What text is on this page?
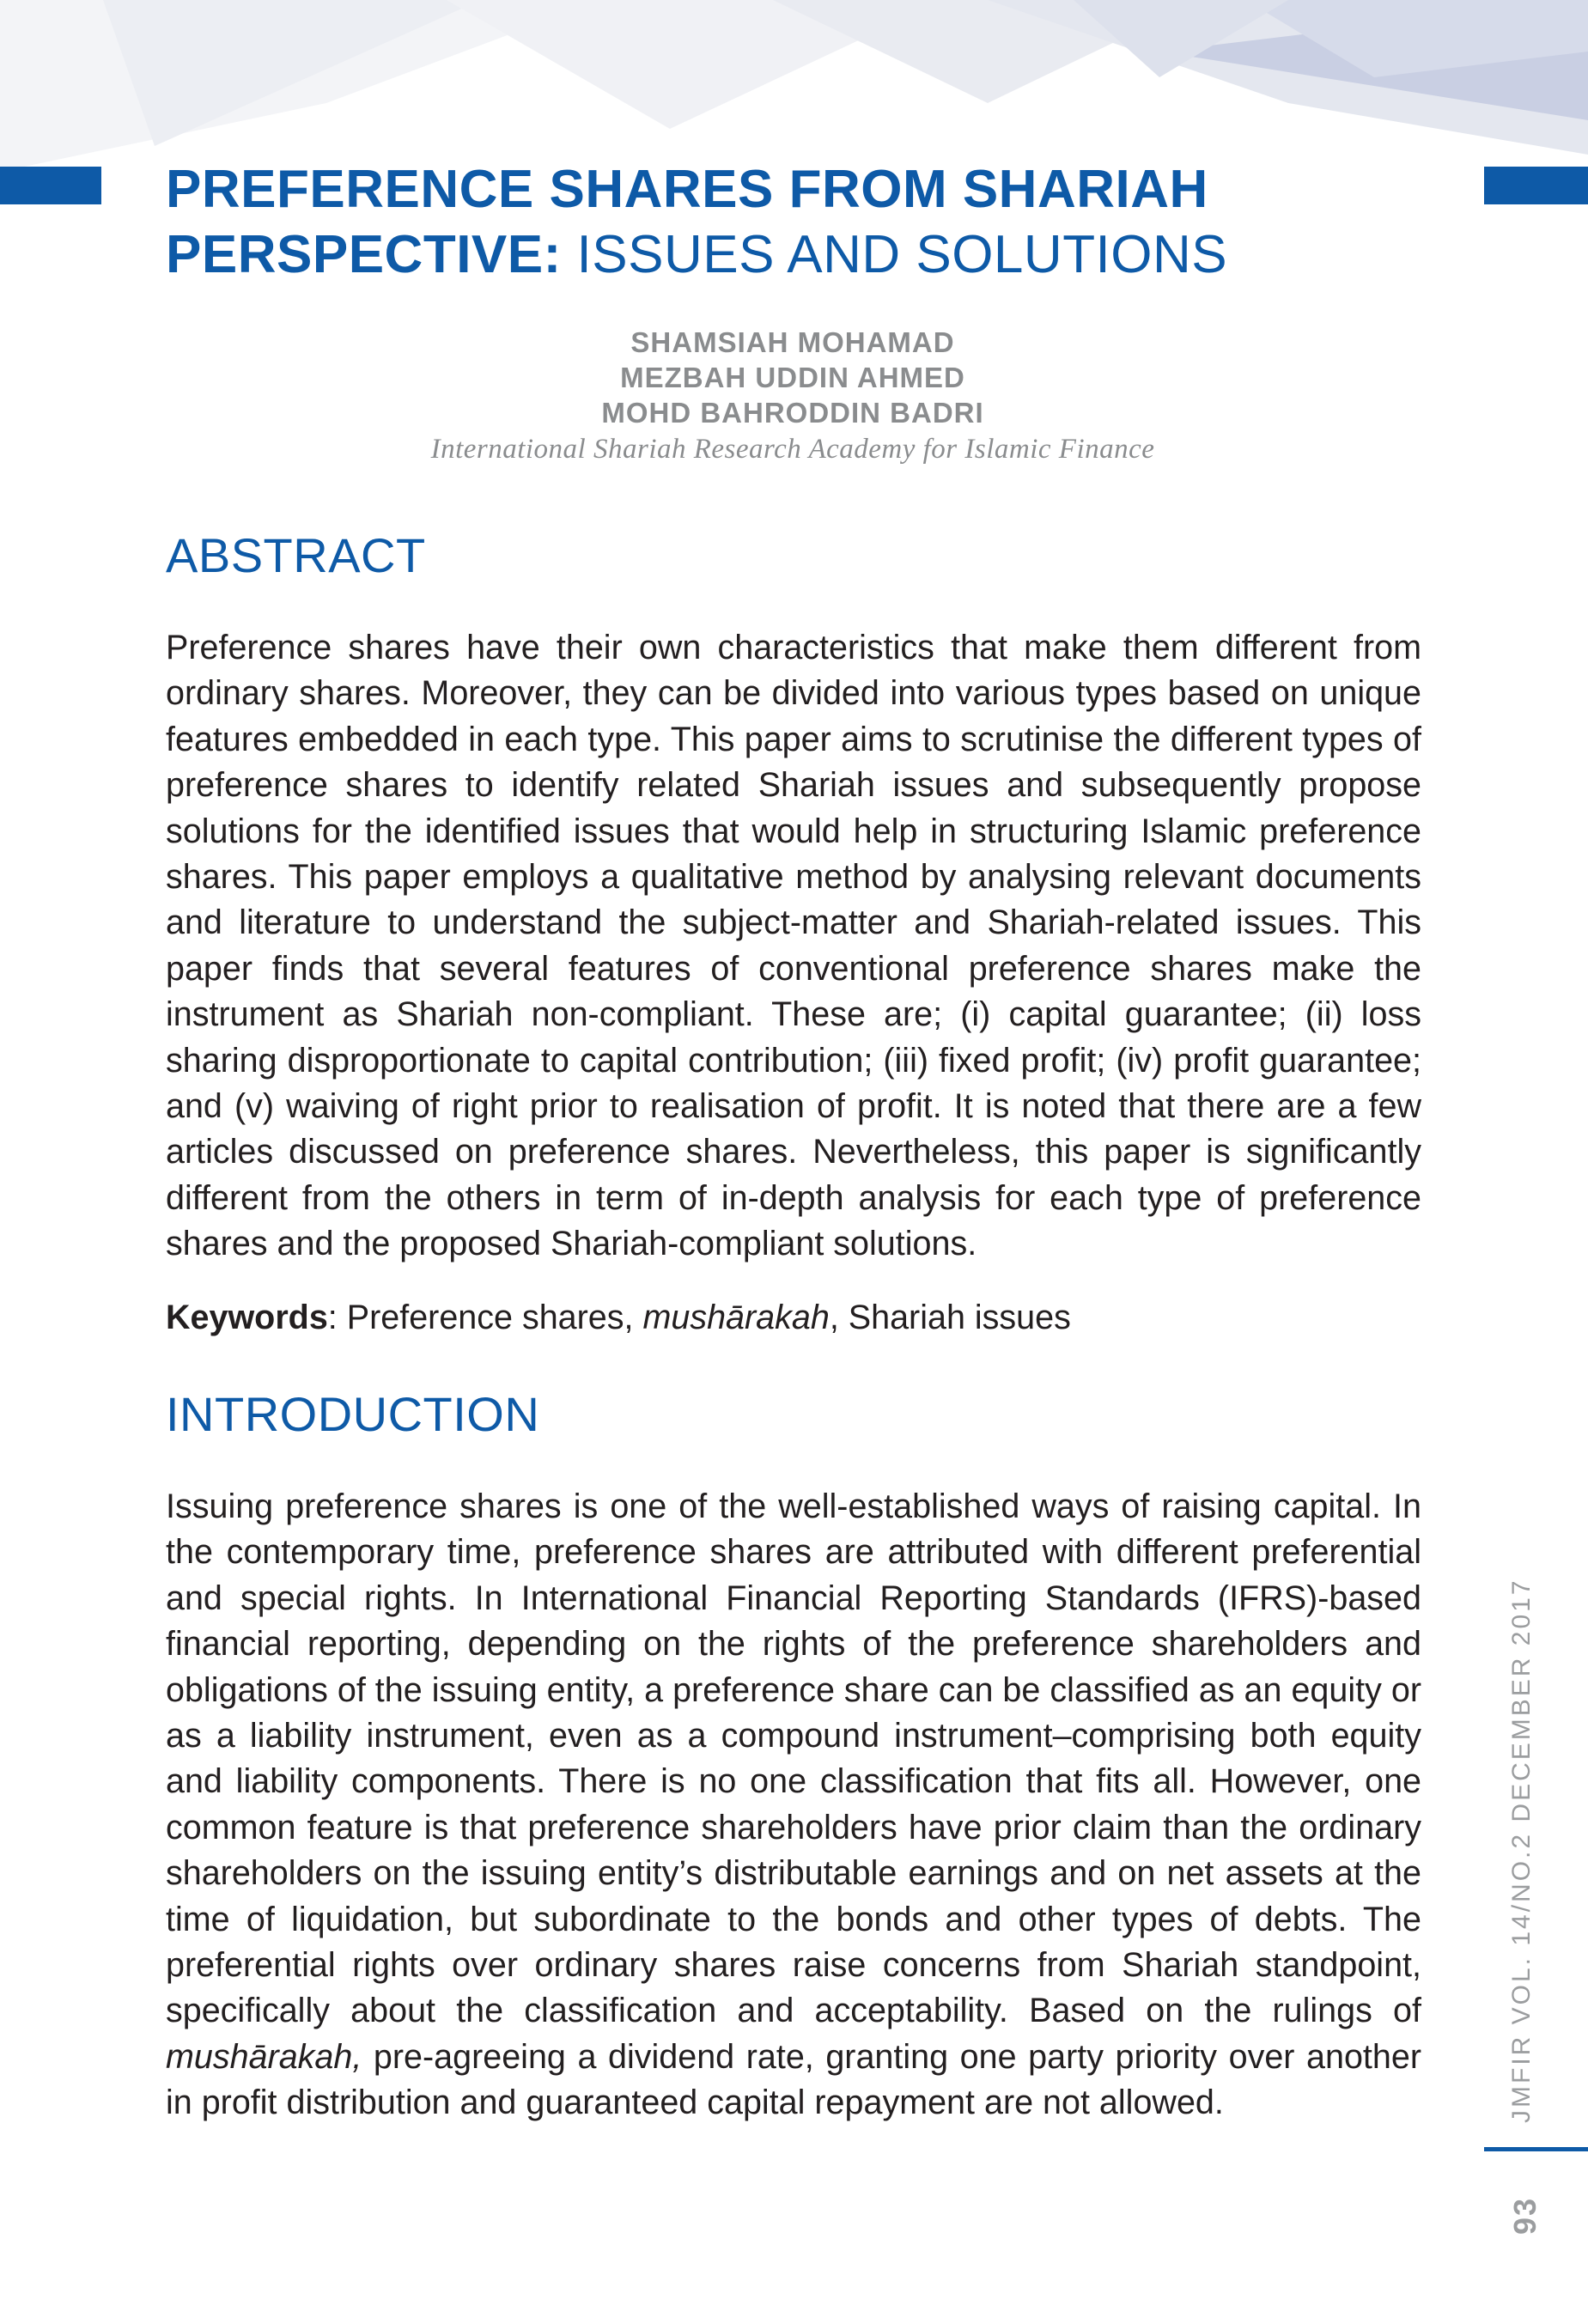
PREFERENCE SHARES FROM SHARIAH
PERSPECTIVE: ISSUES AND SOLUTIONS
SHAMSIAH MOHAMAD
MEZBAH UDDIN AHMED
MOHD BAHRODDIN BADRI
International Shariah Research Academy for Islamic Finance
ABSTRACT
Preference shares have their own characteristics that make them different from ordinary shares. Moreover, they can be divided into various types based on unique features embedded in each type. This paper aims to scrutinise the different types of preference shares to identify related Shariah issues and subsequently propose solutions for the identified issues that would help in structuring Islamic preference shares. This paper employs a qualitative method by analysing relevant documents and literature to understand the subject-matter and Shariah-related issues. This paper finds that several features of conventional preference shares make the instrument as Shariah non-compliant. These are; (i) capital guarantee; (ii) loss sharing disproportionate to capital contribution; (iii) fixed profit; (iv) profit guarantee; and (v) waiving of right prior to realisation of profit. It is noted that there are a few articles discussed on preference shares. Nevertheless, this paper is significantly different from the others in term of in-depth analysis for each type of preference shares and the proposed Shariah-compliant solutions.
Keywords: Preference shares, mushārakah, Shariah issues
INTRODUCTION
Issuing preference shares is one of the well-established ways of raising capital. In the contemporary time, preference shares are attributed with different preferential and special rights. In International Financial Reporting Standards (IFRS)-based financial reporting, depending on the rights of the preference shareholders and obligations of the issuing entity, a preference share can be classified as an equity or as a liability instrument, even as a compound instrument–comprising both equity and liability components. There is no one classification that fits all. However, one common feature is that preference shareholders have prior claim than the ordinary shareholders on the issuing entity’s distributable earnings and on net assets at the time of liquidation, but subordinate to the bonds and other types of debts. The preferential rights over ordinary shares raise concerns from Shariah standpoint, specifically about the classification and acceptability. Based on the rulings of mushārakah, pre-agreeing a dividend rate, granting one party priority over another in profit distribution and guaranteed capital repayment are not allowed.	JMFIR VOL. 14/NO.2 DECEMBER 2017
93
